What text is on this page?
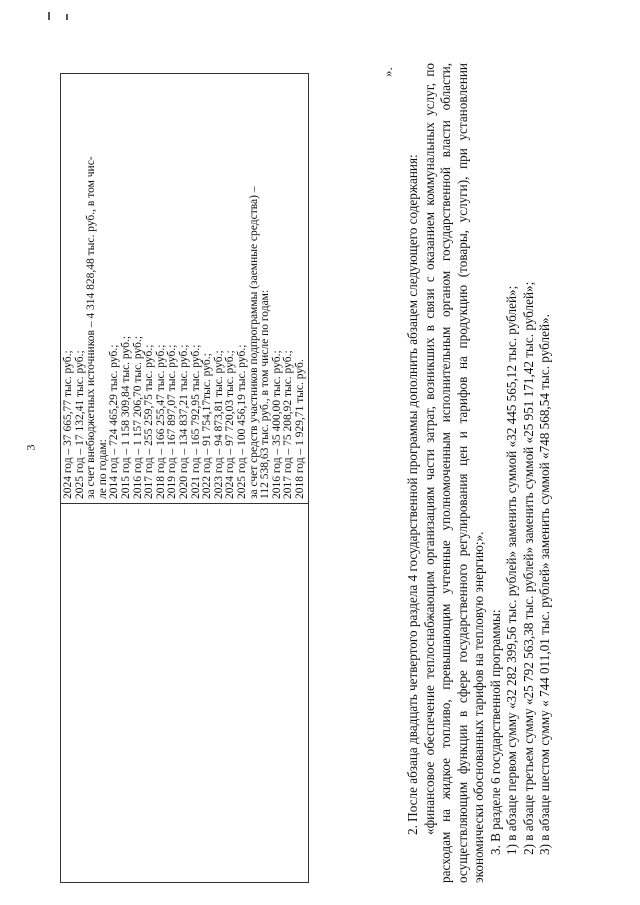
3
	2024 год – 37 665,77 тыс. руб.; 2025 год – 17 132,41 тыс. руб.; за счет внебюджетных источников – 4 314 828,48 тыс. руб., в том чис- ле по годам: 2014 год – 724 465,29 тыс. руб.; 2015 год – 1 158 309,84 тыс. руб.; 2016 год – 1 157 206,70 тыс. руб.; 2017 год – 255 259,75 тыс. руб.; 2018 год – 166 255,47 тыс. руб.; 2019 год – 167 897,07 тыс. руб.; 2020 год – 134 837,21 тыс. руб.; 2021 год – 165 792,95 тыс. руб.; 2022 год – 91 754,17тыс. руб.; 2023 год – 94 873,81 тыс. руб.; 2024 год – 97 720,03 тыс. руб.; 2025 год – 100 456,19 тыс. руб.; за счет средств участников подпрограммы (заемные средства) – 112 538,63 тыс. руб., в том числе по годам: 2016 год – 35 400,00 тыс. руб.; 2017 год – 75 208,92 тыс. руб.; 2018 год – 1 929,71 тыс. руб.
».

2. После абзаца двадцать четвертого раздела 4 государственной программы дополнить абзацем следующего содержания: «финансовое обеспечение теплоснабжающим организациям части затрат, возникших в связи с оказанием коммунальных услуг, по расходам на жидкое топливо, превышающим учтенные уполномоченным исполнительным органом государственной власти области, осуществляющим функции в сфере государственного регулирования цен и тарифов на продукцию (товары, услуги), при установлении экономически обоснованных тарифов на тепловую энергию;». 3. В разделе 6 государственной программы: 1) в абзаце первом сумму «32 282 399,56 тыс. рублей» заменить суммой «32 445 565,12 тыс. рублей»; 2) в абзаце третьем сумму «25 792 563,38 тыс. рублей» заменить суммой «25 951 171,42 тыс. рублей»; 3) в абзаце шестом сумму « 744 011,01 тыс. рублей» заменить суммой «748 568,54 тыс. рублей».
